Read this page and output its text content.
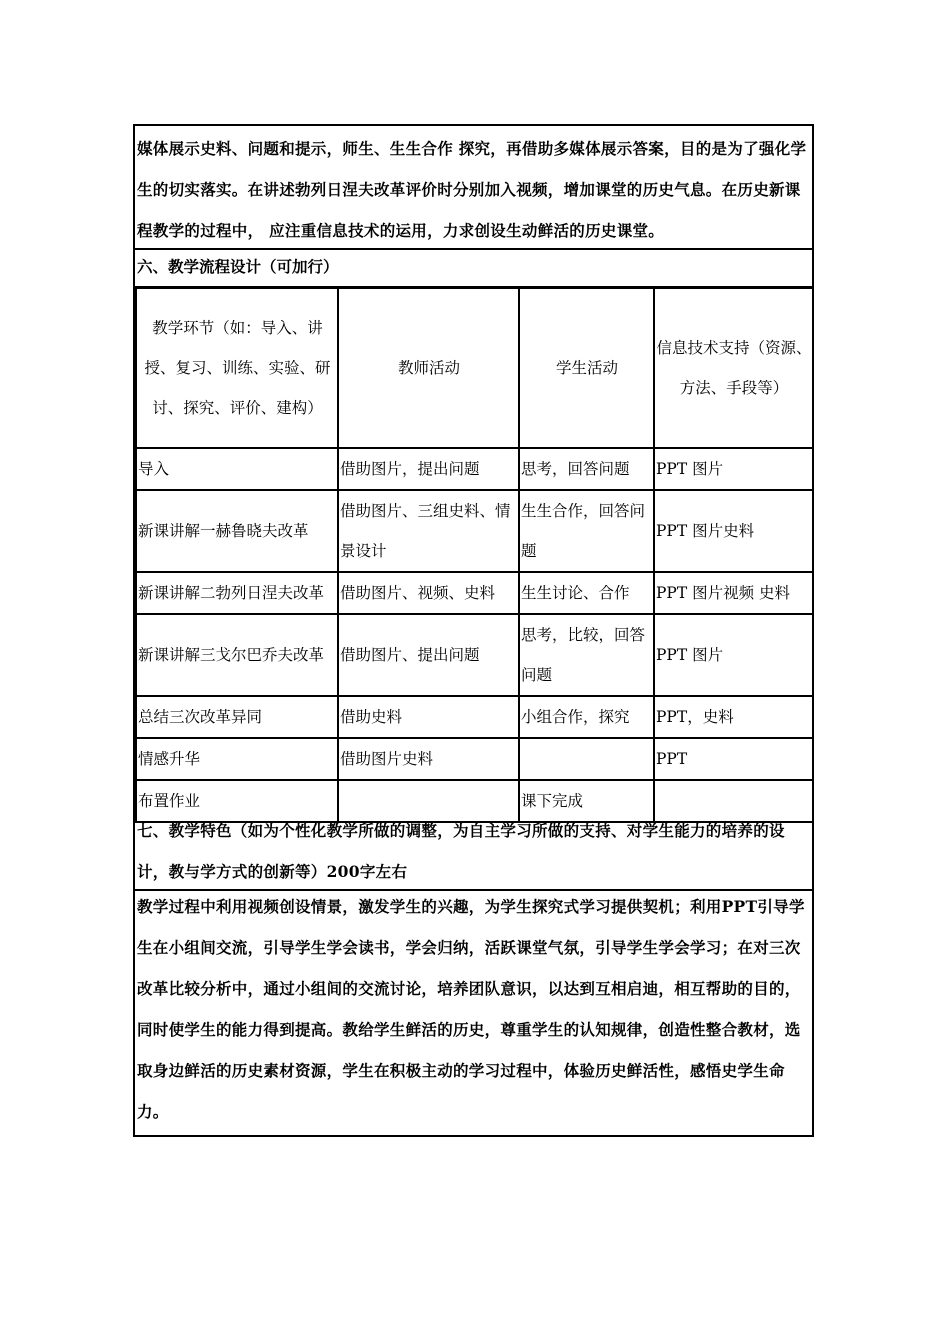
媒体展示史料、问题和提示，师生、生生合作 探究，再借助多媒体展示答案，目的是为了强化学生的切实落实。在讲述勃列日涅夫改革评价时分别加入视频，增加课堂的历史气息。在历史新课程教学的过程中， 应注重信息技术的运用，力求创设生动鲜活的历史课堂。
六、教学流程设计（可加行）
教学环节（如：导入、讲授、复习、训练、实验、研讨、探究、评价、建构）	教师活动	学生活动	信息技术支持（资源、方法、手段等）
导入	借助图片，提出问题	思考，回答问题	PPT 图片
新课讲解一赫鲁晓夫改革	借助图片、三组史料、情景设计	生生合作，回答问题	PPT 图片史料
新课讲解二勃列日涅夫改革	借助图片、视频、史料	生生讨论、合作	PPT 图片视频 史料
新课讲解三戈尔巴乔夫改革	借助图片、提出问题	思考，比较，回答问题	PPT 图片
总结三次改革异同	借助史料	小组合作，探究	PPT，史料
情感升华	借助图片史料		PPT
布置作业		课下完成	
七、教学特色（如为个性化教学所做的调整，为自主学习所做的支持、对学生能力的培养的设计，教与学方式的创新等）200字左右
教学过程中利用视频创设情景，激发学生的兴趣，为学生探究式学习提供契机；利用PPT引导学生在小组间交流，引导学生学会读书，学会归纳，活跃课堂气氛，引导学生学会学习；在对三次改革比较分析中，通过小组间的交流讨论，培养团队意识，以达到互相启迪，相互帮助的目的，同时使学生的能力得到提高。教给学生鲜活的历史，尊重学生的认知规律，创造性整合教材，选取身边鲜活的历史素材资源，学生在积极主动的学习过程中，体验历史鲜活性，感悟史学生命力。
